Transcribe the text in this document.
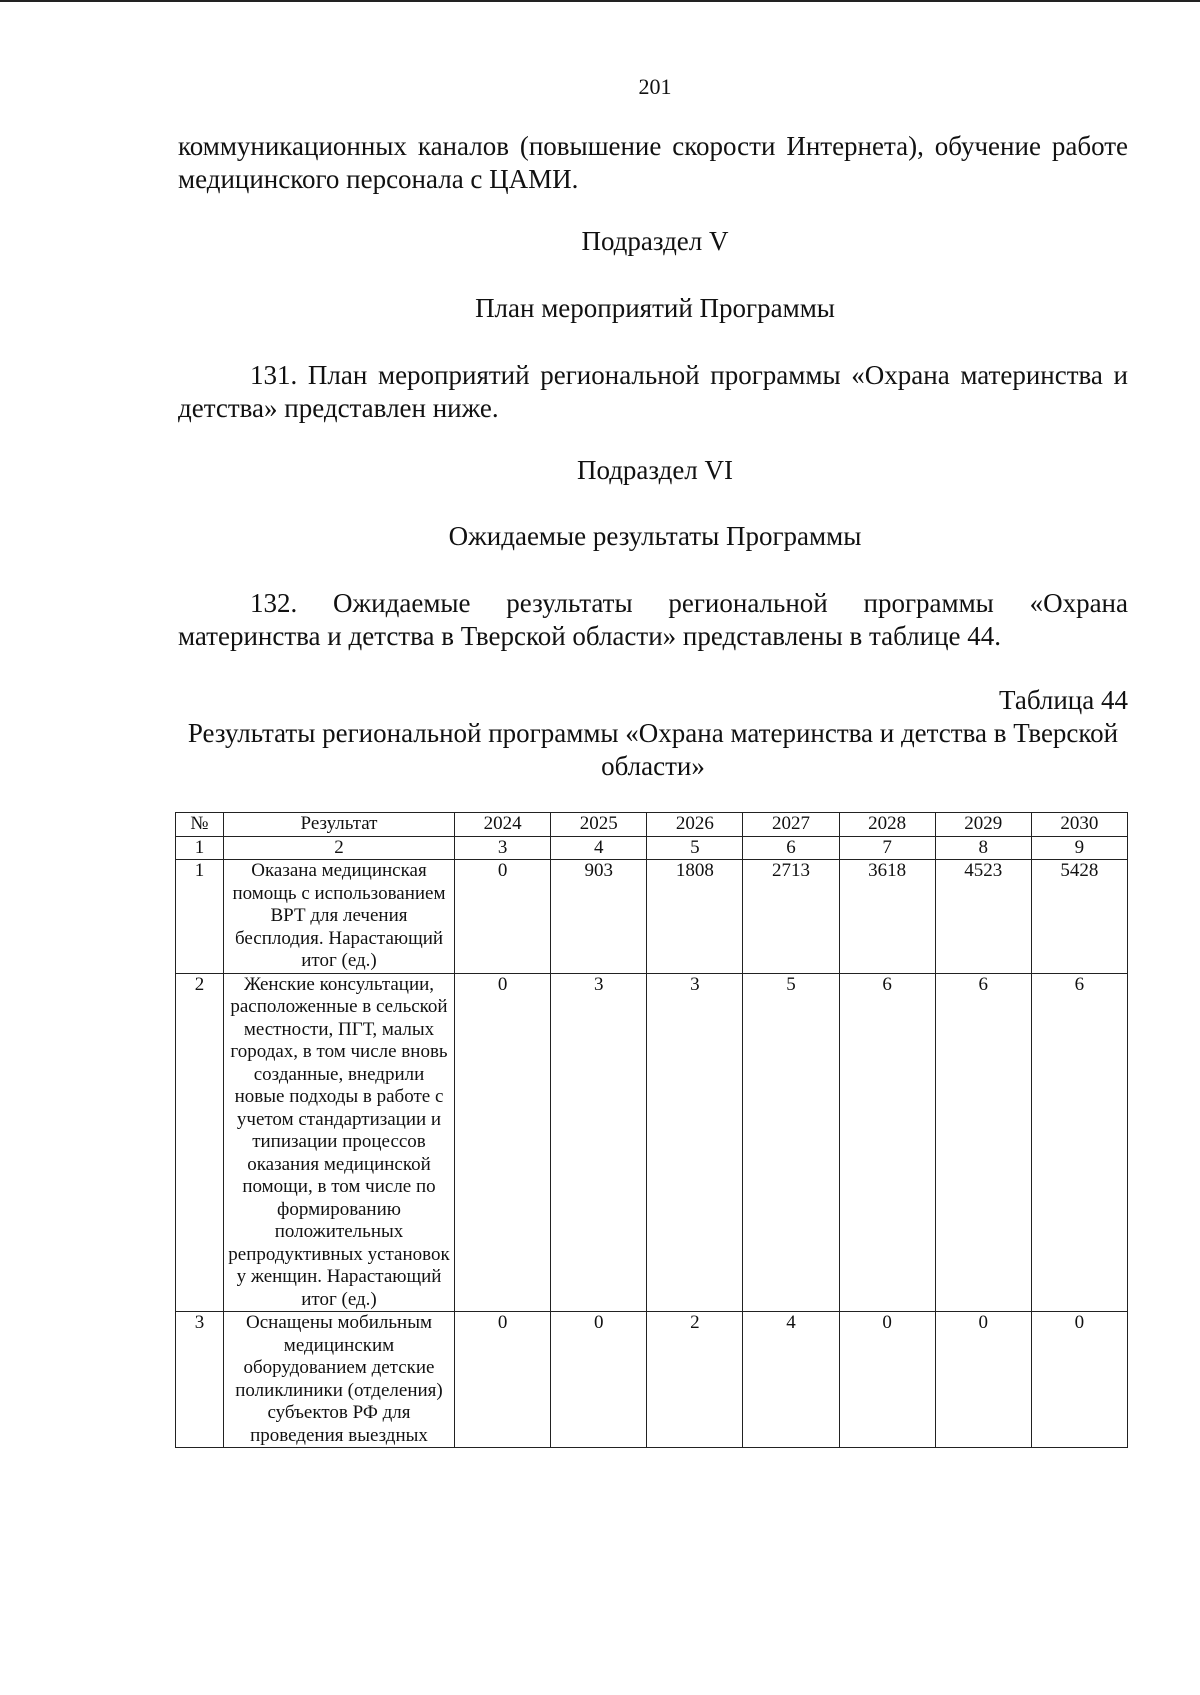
201
коммуникационных каналов (повышение скорости Интернета), обучение работе медицинского персонала с ЦАМИ.
Подраздел V
План мероприятий Программы
131. План мероприятий региональной программы «Охрана материнства и детства» представлен ниже.
Подраздел VI
Ожидаемые результаты Программы
132. Ожидаемые результаты региональной программы «Охрана материнства и детства в Тверской области» представлены в таблице 44.
Таблица 44
Результаты региональной программы «Охрана материнства и детства в Тверской области»
№	Результат	2024	2025	2026	2027	2028	2029	2030
1	2	3	4	5	6	7	8	9
1	Оказана медицинская помощь с использованием ВРТ для лечения бесплодия. Нарастающий итог (ед.)	0	903	1808	2713	3618	4523	5428
2	Женские консультации, расположенные в сельской местности, ПГТ, малых городах, в том числе вновь созданные, внедрили новые подходы в работе с учетом стандартизации и типизации процессов оказания медицинской помощи, в том числе по формированию положительных репродуктивных установок у женщин. Нарастающий итог (ед.)	0	3	3	5	6	6	6
3	Оснащены мобильным медицинским оборудованием детские поликлиники (отделения) субъектов РФ для проведения выездных	0	0	2	4	0	0	0
